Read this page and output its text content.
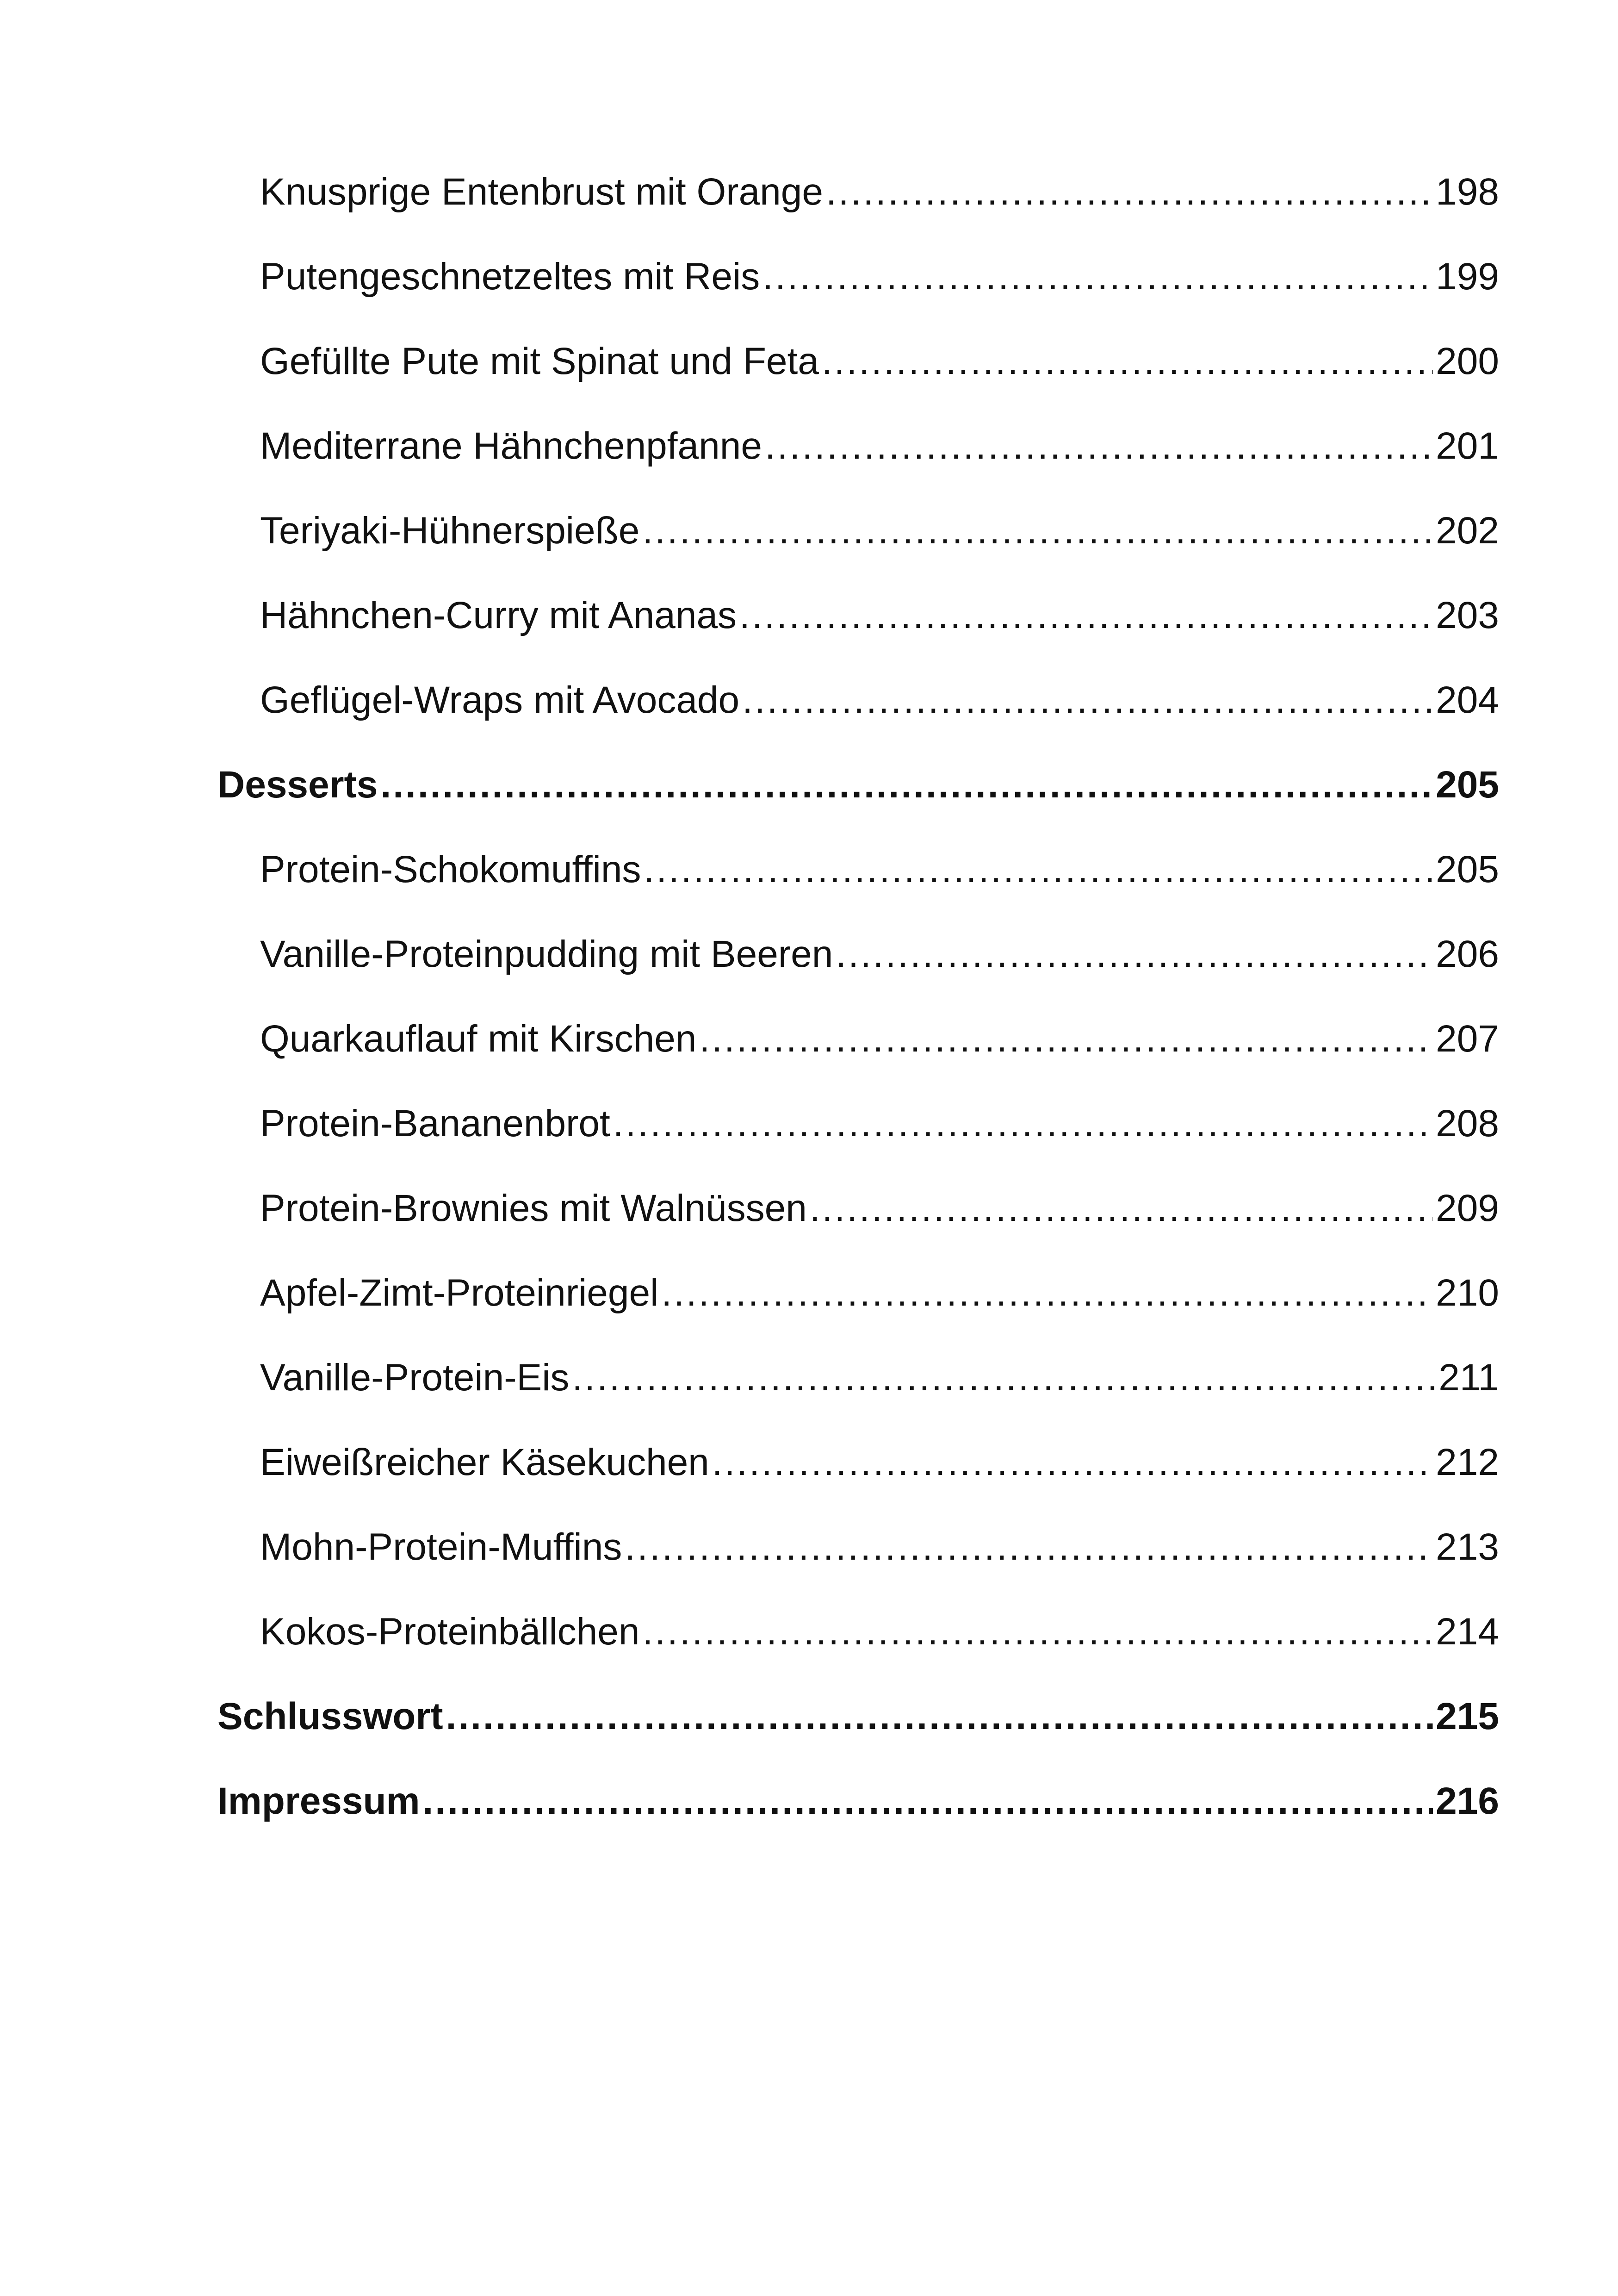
Knusprige Entenbrust mit Orange .....	198
Putengeschnetzeltes mit Reis .....	199
Gefüllte Pute mit Spinat und Feta .....	200
Mediterrane Hähnchenpfanne .....	201
Teriyaki-Hühnerspieße .....	202
Hähnchen-Curry mit Ananas .....	203
Geflügel-Wraps mit Avocado .....	204
Desserts .....	205
Protein-Schokomuffins .....	205
Vanille-Proteinpudding mit Beeren .....	206
Quarkauflauf mit Kirschen .....	207
Protein-Bananenbrot .....	208
Protein-Brownies mit Walnüssen .....	209
Apfel-Zimt-Proteinriegel .....	210
Vanille-Protein-Eis .....	211
Eiweißreicher Käsekuchen .....	212
Mohn-Protein-Muffins .....	213
Kokos-Proteinbällchen .....	214
Schlusswort .....	215
Impressum .....	216
